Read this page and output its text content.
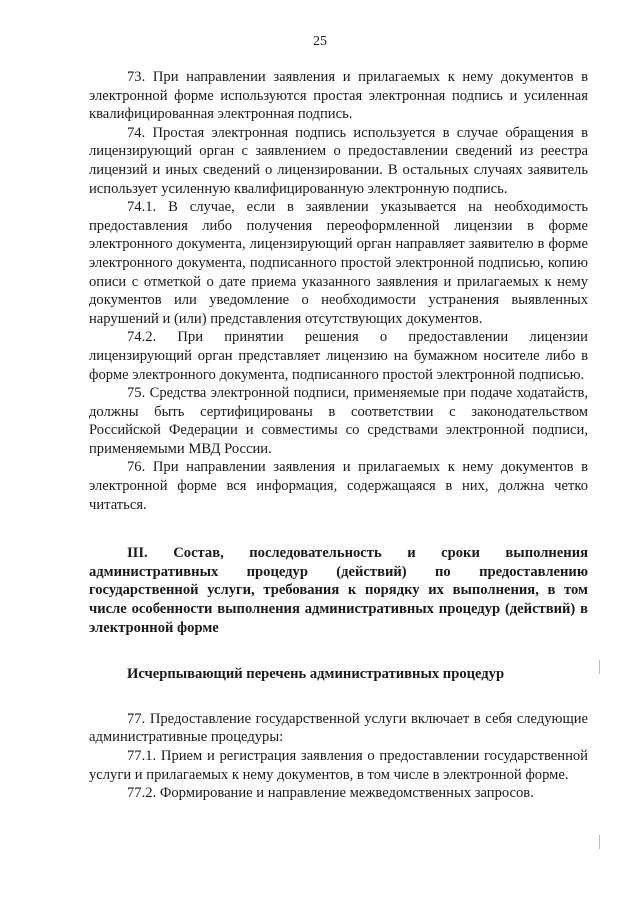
25

73. При направлении заявления и прилагаемых к нему документов в электронной форме используются простая электронная подпись и усиленная квалифицированная электронная подпись.

74. Простая электронная подпись используется в случае обращения в лицензирующий орган с заявлением о предоставлении сведений из реестра лицензий и иных сведений о лицензировании. В остальных случаях заявитель использует усиленную квалифицированную электронную подпись.

74.1. В случае, если в заявлении указывается на необходимость предоставления либо получения переоформленной лицензии в форме электронного документа, лицензирующий орган направляет заявителю в форме электронного документа, подписанного простой электронной подписью, копию описи с отметкой о дате приема указанного заявления и прилагаемых к нему документов или уведомление о необходимости устранения выявленных нарушений и (или) представления отсутствующих документов.

74.2. При принятии решения о предоставлении лицензии лицензирующий орган представляет лицензию на бумажном носителе либо в форме электронного документа, подписанного простой электронной подписью.

75. Средства электронной подписи, применяемые при подаче ходатайств, должны быть сертифицированы в соответствии с законодательством Российской Федерации и совместимы со средствами электронной подписи, применяемыми МВД России.

76. При направлении заявления и прилагаемых к нему документов в электронной форме вся информация, содержащаяся в них, должна четко читаться.

III. Состав, последовательность и сроки выполнения административных процедур (действий) по предоставлению государственной услуги, требования к порядку их выполнения, в том числе особенности выполнения административных процедур (действий) в электронной форме

Исчерпывающий перечень административных процедур

77. Предоставление государственной услуги включает в себя следующие административные процедуры:

77.1. Прием и регистрация заявления о предоставлении государственной услуги и прилагаемых к нему документов, в том числе в электронной форме.

77.2. Формирование и направление межведомственных запросов.
